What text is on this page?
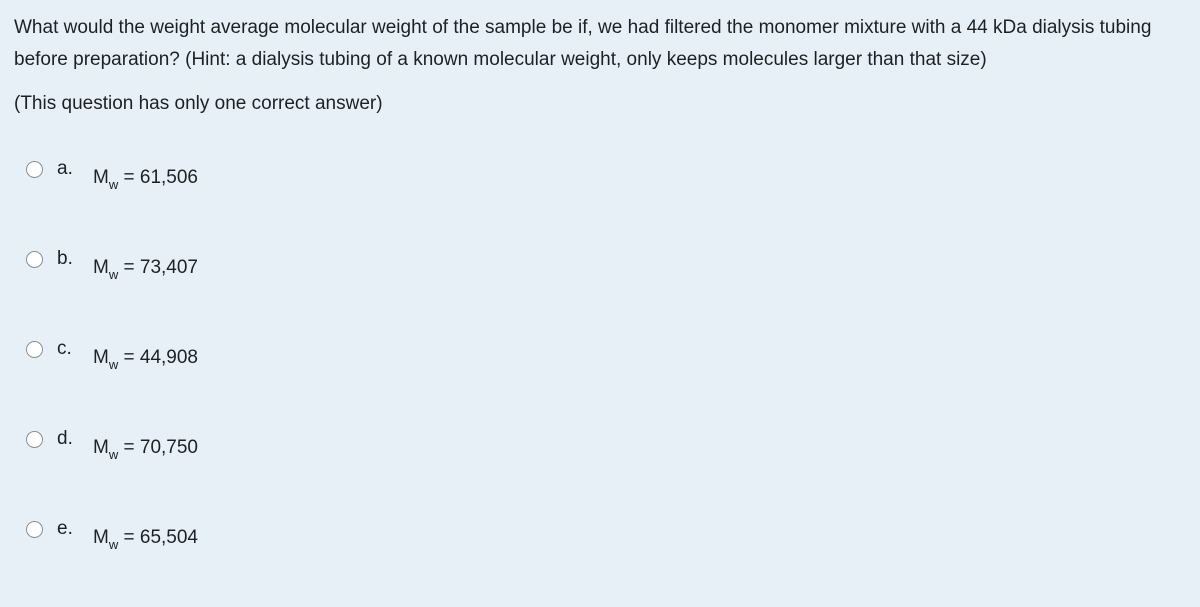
What would the weight average molecular weight of the sample be if, we had filtered the monomer mixture with a 44 kDa dialysis tubing before preparation? (Hint: a dialysis tubing of a known molecular weight, only keeps molecules larger than that size)

(This question has only one correct answer)
a. $M_w = 61,506$
b. $M_w = 73,407$
c. $M_w = 44,908$
d. $M_w = 70,750$
e. $M_w = 65,504$
